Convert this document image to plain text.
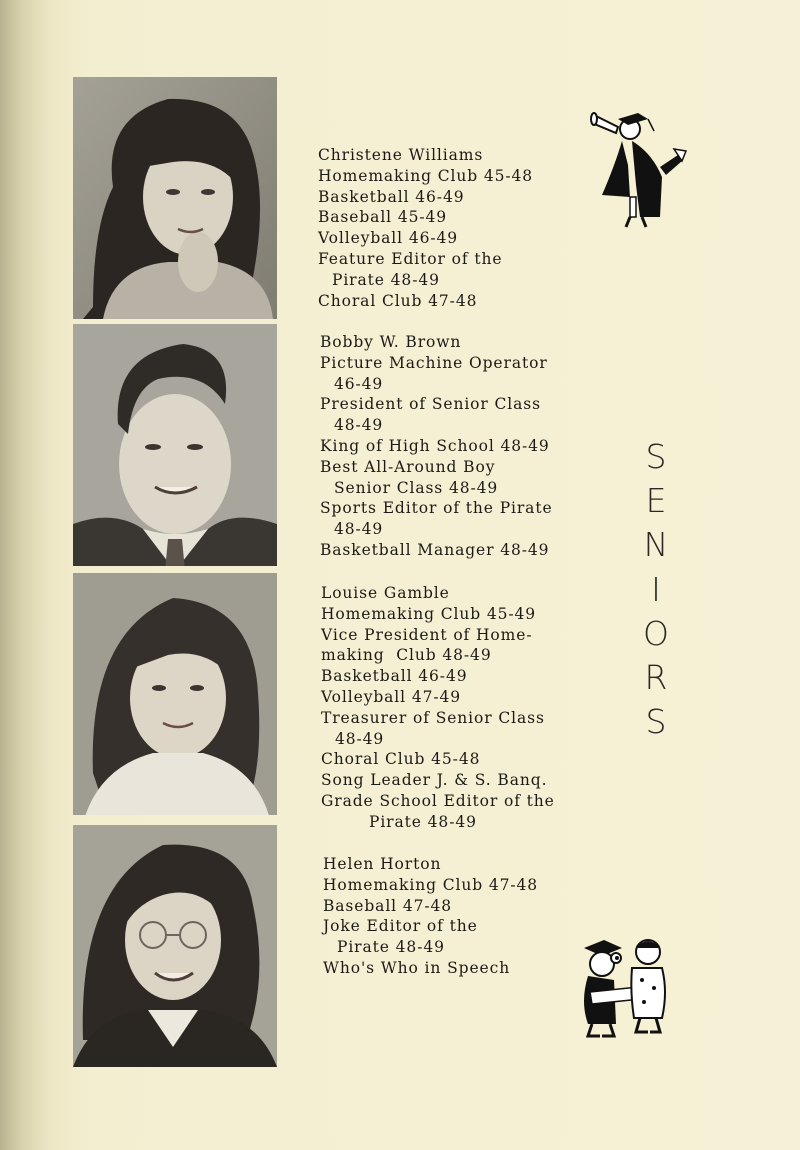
Christene Williams
Homemaking Club 45-48
Basketball 46-49
Baseball 45-49
Volleyball 46-49
Feature Editor of the
Pirate 48-49
Choral Club 47-48
Bobby W. Brown
Picture Machine Operator
46-49
President of Senior Class
48-49
King of High School 48-49
Best All-Around Boy
Senior Class 48-49
Sports Editor of the Pirate
48-49
Basketball Manager 48-49
Louise Gamble
Homemaking Club 45-49
Vice President of Home-
making  Club 48-49
Basketball 46-49
Volleyball 47-49
Treasurer of Senior Class
48-49
Choral Club 45-48
Song Leader J. & S. Banq.
Grade School Editor of the
Pirate 48-49
Helen Horton
Homemaking Club 47-48
Baseball 47-48
Joke Editor of the
Pirate 48-49
Who's Who in Speech
S
E
N
I
O
R
S
